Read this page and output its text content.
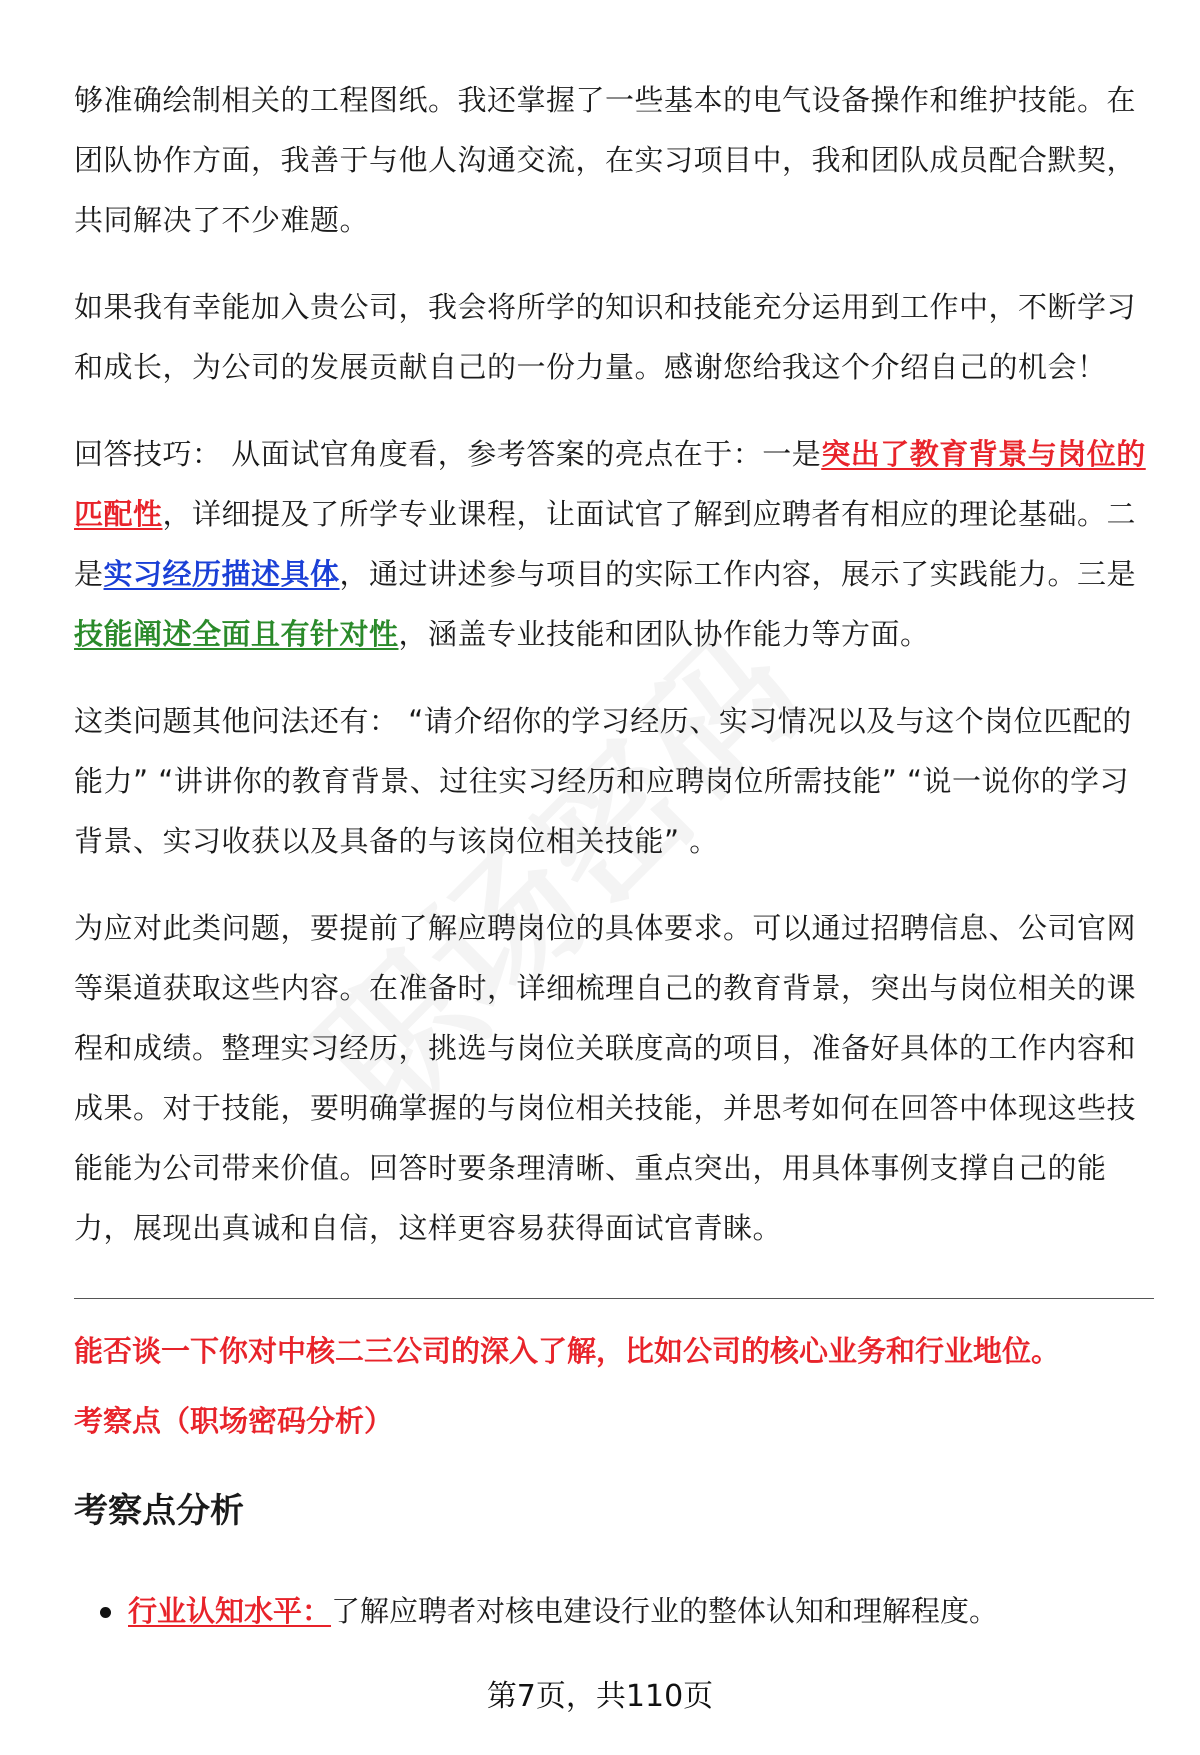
够准确绘制相关的工程图纸。我还掌握了一些基本的电气设备操作和维护技能。在团队协作方面，我善于与他人沟通交流，在实习项目中，我和团队成员配合默契，共同解决了不少难题。

如果我有幸能加入贵公司，我会将所学的知识和技能充分运用到工作中，不断学习和成长，为公司的发展贡献自己的一份力量。感谢您给我这个介绍自己的机会！

回答技巧： 从面试官角度看，参考答案的亮点在于：一是突出了教育背景与岗位的匹配性，详细提及了所学专业课程，让面试官了解到应聘者有相应的理论基础。二是实习经历描述具体，通过讲述参与项目的实际工作内容，展示了实践能力。三是技能阐述全面且有针对性，涵盖专业技能和团队协作能力等方面。

这类问题其他问法还有： “请介绍你的学习经历、实习情况以及与这个岗位匹配的能力” “讲讲你的教育背景、过往实习经历和应聘岗位所需技能” “说一说你的学习背景、实习收获以及具备的与该岗位相关技能” 。

为应对此类问题，要提前了解应聘岗位的具体要求。可以通过招聘信息、公司官网等渠道获取这些内容。在准备时，详细梳理自己的教育背景，突出与岗位相关的课程和成绩。整理实习经历，挑选与岗位关联度高的项目，准备好具体的工作内容和成果。对于技能，要明确掌握的与岗位相关技能，并思考如何在回答中体现这些技能能为公司带来价值。回答时要条理清晰、重点突出，用具体事例支撑自己的能力，展现出真诚和自信，这样更容易获得面试官青睐。

能否谈一下你对中核二三公司的深入了解，比如公司的核心业务和行业地位。

考察点（职场密码分析）

考察点分析
行业认知水平：了解应聘者对核电建设行业的整体认知和理解程度。
第7页，共110页
